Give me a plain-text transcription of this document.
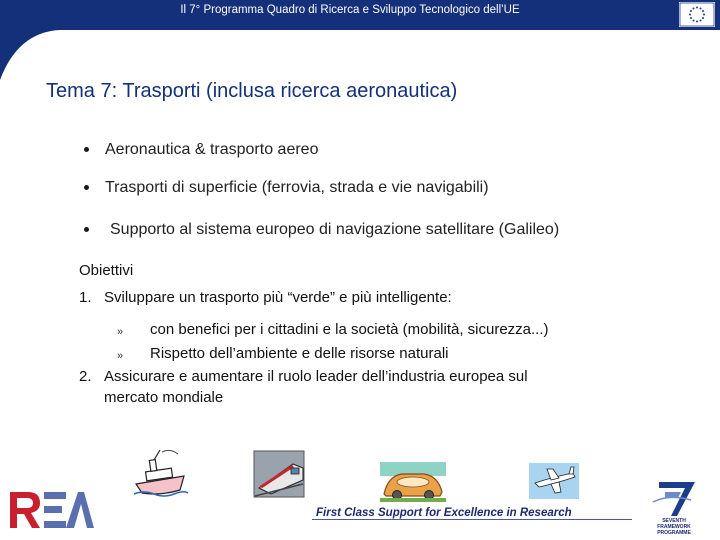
Il 7° Programma Quadro di Ricerca e Sviluppo Tecnologico dell’UE
Tema 7: Trasporti (inclusa ricerca aeronautica)
Aeronautica & trasporto aereo
Trasporti di superficie (ferrovia, strada e vie navigabili)
Supporto al sistema europeo di navigazione satellitare (Galileo)
Obiettivi
1. Sviluppare un trasporto più “verde” e più intelligente:
» con benefici per i cittadini e la società (mobilità, sicurezza...)
» Rispetto dell’ambiente e delle risorse naturali
2. Assicurare e aumentare il ruolo leader dell’industria europea sul
mercato mondiale
REA
First Class Support for Excellence in Research
SEVENTH FRAMEWORK PROGRAMME
